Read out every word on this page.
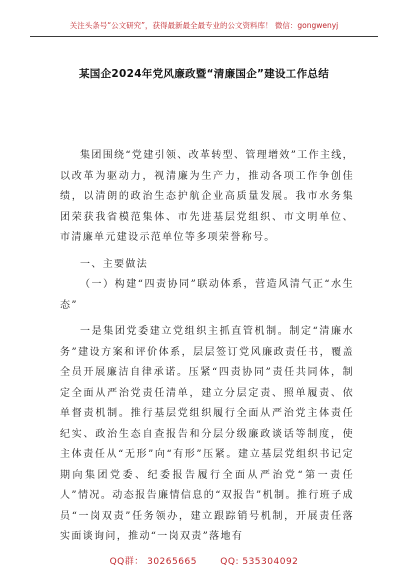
关注头条号“公文研究”，获得最新最全最专业的公文资料库！ 微信：gongwenyj
某国企2024年党风廉政暨“清廉国企”建设工作总结

集团围绕“党建引领、改革转型、管理增效”工作主线，以改革为驱动力，视清廉为生产力，推动各项工作争创佳绩，以清朗的政治生态护航企业高质量发展。我市水务集团荣获我省模范集体、市先进基层党组织、市文明单位、市清廉单元建设示范单位等多项荣誉称号。

一、主要做法

（一）构建“四责协同”联动体系，营造风清气正“水生态”

一是集团党委建立党组织主抓直管机制。制定“清廉水务”建设方案和评价体系，层层签订党风廉政责任书，覆盖全员开展廉洁自律承诺。压紧“四责协同”责任共同体，制定全面从严治党责任清单，建立分层定责、照单履责、依单督责机制。推行基层党组织履行全面从严治党主体责任纪实、政治生态自查报告和分层分级廉政谈话等制度，使主体责任从“无形”向“有形”压紧。建立基层党组织书记定期向集团党委、纪委报告履行全面从严治党“第一责任人”情况。动态报告廉情信息的“双报告”机制。推行班子成员“一岗双责”任务领办，建立跟踪销号机制，开展责任落实面谈询问，推动“一岗双责”落地有

QQ群： 30265665	QQ: 535304092
